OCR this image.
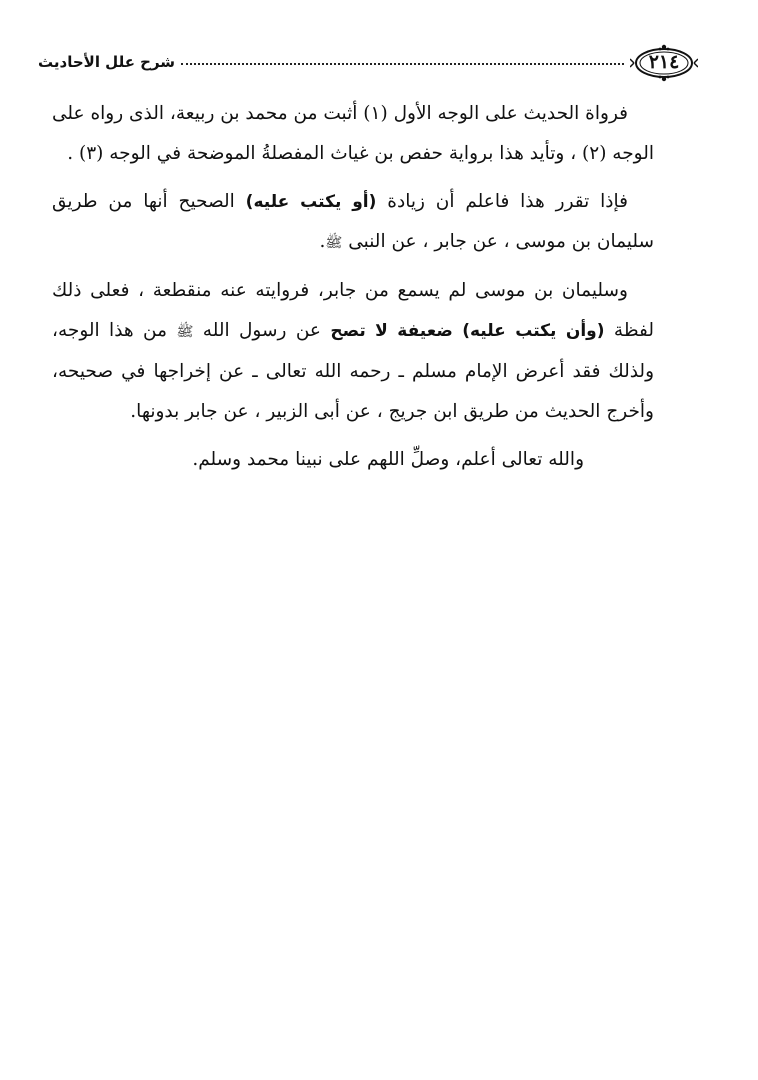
٢١٤
شرح علل الأحاديث

فرواة الحديث على الوجه الأول (١) أثبت من محمد بن ربيعة، الذى رواه على الوجه (٢) ، وتأيد هذا برواية حفص بن غياث المفصلةُ الموضحة في الوجه (٣) .

فإذا تقرر هذا فاعلم أن زيادة (أو يكتب عليه) الصحيح أنها من طريق سليمان بن موسى ، عن جابر ، عن النبى ﷺ.

وسليمان بن موسى لم يسمع من جابر، فروايته عنه منقطعة ، فعلى ذلك لفظة (وأن يكتب عليه) ضعيفة لا تصح عن رسول الله ﷺ من هذا الوجه، ولذلك فقد أعرض الإمام مسلم ـ رحمه الله تعالى ـ عن إخراجها في صحيحه، وأخرج الحديث من طريق ابن جريج ، عن أبى الزبير ، عن جابر بدونها.

والله تعالى أعلم، وصلِّ اللهم على نبينا محمد وسلم.
